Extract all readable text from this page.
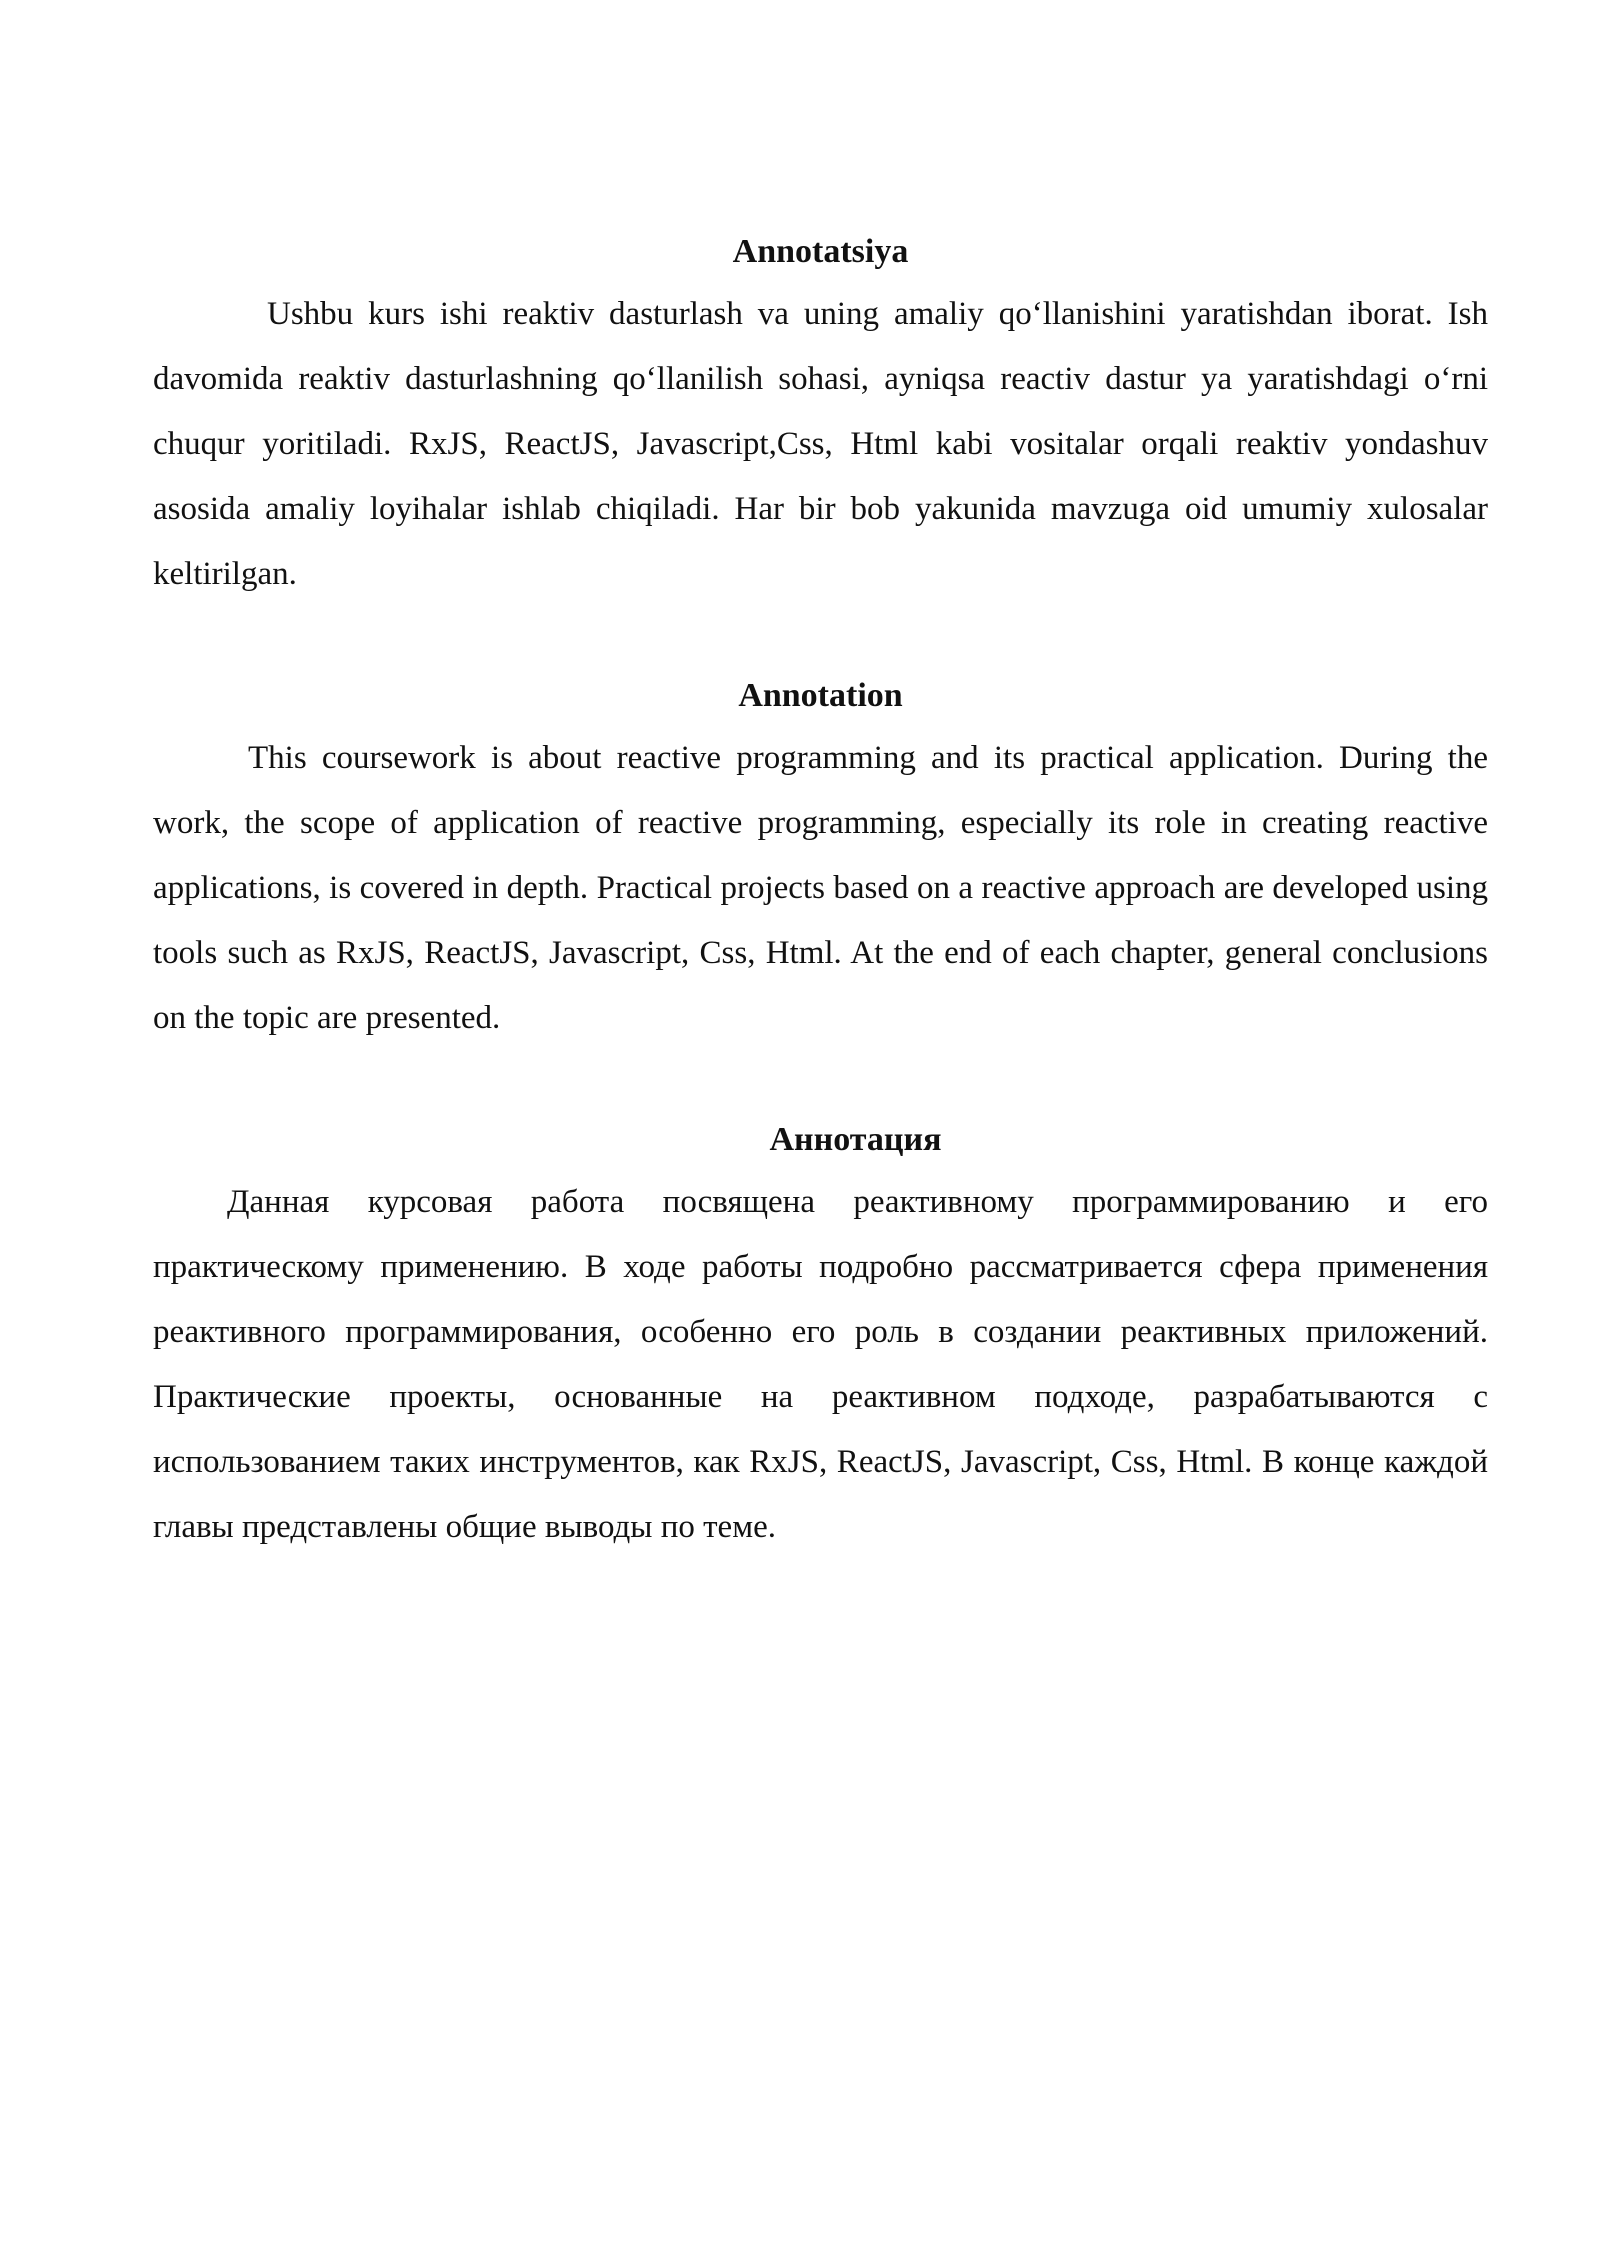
Annotatsiya

Ushbu kurs ishi reaktiv dasturlash va uning amaliy qo‘llanishini yaratishdan iborat. Ish davomida reaktiv dasturlashning qo‘llanilish sohasi, ayniqsa reactiv dastur ya yaratishdagi o‘rni chuqur yoritiladi. RxJS, ReactJS, Javascript,Css, Html kabi vositalar orqali reaktiv yondashuv asosida amaliy loyihalar ishlab chiqiladi. Har bir bob yakunida mavzuga oid umumiy xulosalar keltirilgan.

Annotation

This coursework is about reactive programming and its practical application. During the work, the scope of application of reactive programming, especially its role in creating reactive applications, is covered in depth. Practical projects based on a reactive approach are developed using tools such as RxJS, ReactJS, Javascript, Css, Html. At the end of each chapter, general conclusions on the topic are presented.

Аннотация

Данная курсовая работа посвящена реактивному программированию и его практическому применению. В ходе работы подробно рассматривается сфера применения реактивного программирования, особенно его роль в создании реактивных приложений. Практические проекты, основанные на реактивном подходе, разрабатываются с использованием таких инструментов, как RxJS, ReactJS, Javascript, Css, Html. В конце каждой главы представлены общие выводы по теме.
